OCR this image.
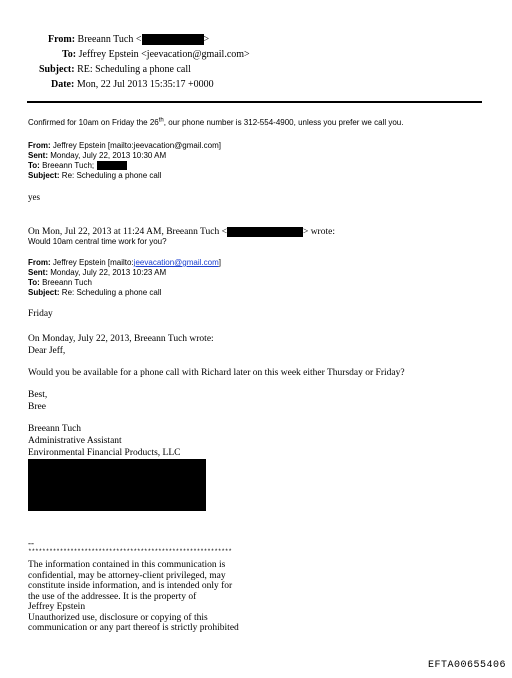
From: Breeann Tuch <	>
To: Jeffrey Epstein <jeevacation@gmail.com>
Subject: RE: Scheduling a phone call
Date: Mon, 22 Jul 2013 15:35:17 +0000
Confirmed for 10am on Friday the 26th, our phone number is 312-554-4900, unless you prefer we call you.
From: Jeffrey Epstein [mailto:jeevacation@gmail.com]
Sent: Monday, July 22, 2013 10:30 AM
To: Breeann Tuch;
Subject: Re: Scheduling a phone call
yes
On Mon, Jul 22, 2013 at 11:24 AM, Breeann Tuch <	> wrote:
Would 10am central time work for you?
From: Jeffrey Epstein [mailto:jeevacation@gmail.com]
Sent: Monday, July 22, 2013 10:23 AM
To: Breeann Tuch
Subject: Re: Scheduling a phone call
Friday
On Monday, July 22, 2013, Breeann Tuch wrote:
Dear Jeff,
Would you be available for a phone call with Richard later on this week either Thursday or Friday?
Best,
Bree
Breeann Tuch
Administrative Assistant
Environmental Financial Products, LLC
--
**********************************************************
The information contained in this communication is
confidential, may be attorney-client privileged, may
constitute inside information, and is intended only for
the use of the addressee. It is the property of
Jeffrey Epstein
Unauthorized use, disclosure or copying of this
communication or any part thereof is strictly prohibited
EFTA00655406
